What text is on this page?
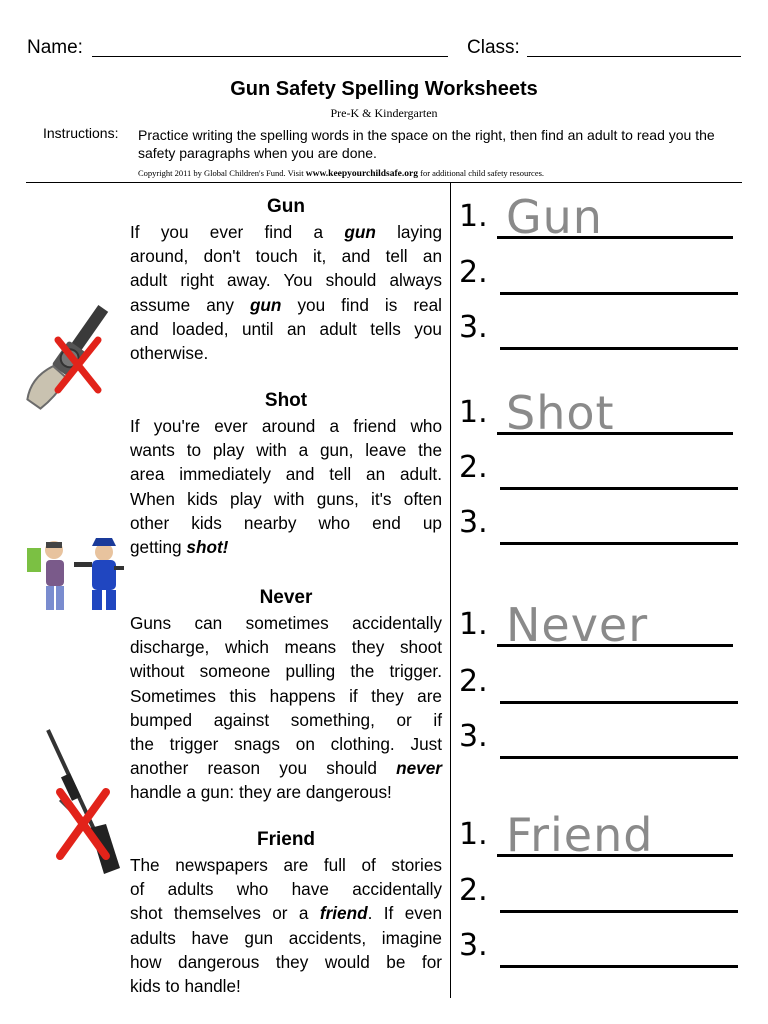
Name:	Class:
Gun Safety Spelling Worksheets
Pre-K & Kindergarten
Instructions: Practice writing the spelling words in the space on the right, then find an adult to read you the safety paragraphs when you are done.
Copyright 2011 by Global Children's Fund. Visit www.keepyourchildsafe.org for additional child safety resources.
Gun
If you ever find a gun laying
around, don't touch it, and tell an
adult right away. You should always
assume any gun you find is real
and loaded, until an adult tells you
otherwise.
1.
2.
3.
Gun
Shot
If you're ever around a friend who
wants to play with a gun, leave the
area immediately and tell an adult.
When kids play with guns, it's often
other kids nearby who end up
getting shot!
1.
2.
3.
Shot
Never
Guns can sometimes accidentally
discharge, which means they shoot
without someone pulling the trigger.
Sometimes this happens if they are
bumped against something, or if
the trigger snags on clothing. Just
another reason you should never
handle a gun: they are dangerous!
1.
2.
3.
Never
Friend
The newspapers are full of stories
of adults who have accidentally
shot themselves or a friend. If even
adults have gun accidents, imagine
how dangerous they would be for
kids to handle!
1.
2.
3.
Friend
